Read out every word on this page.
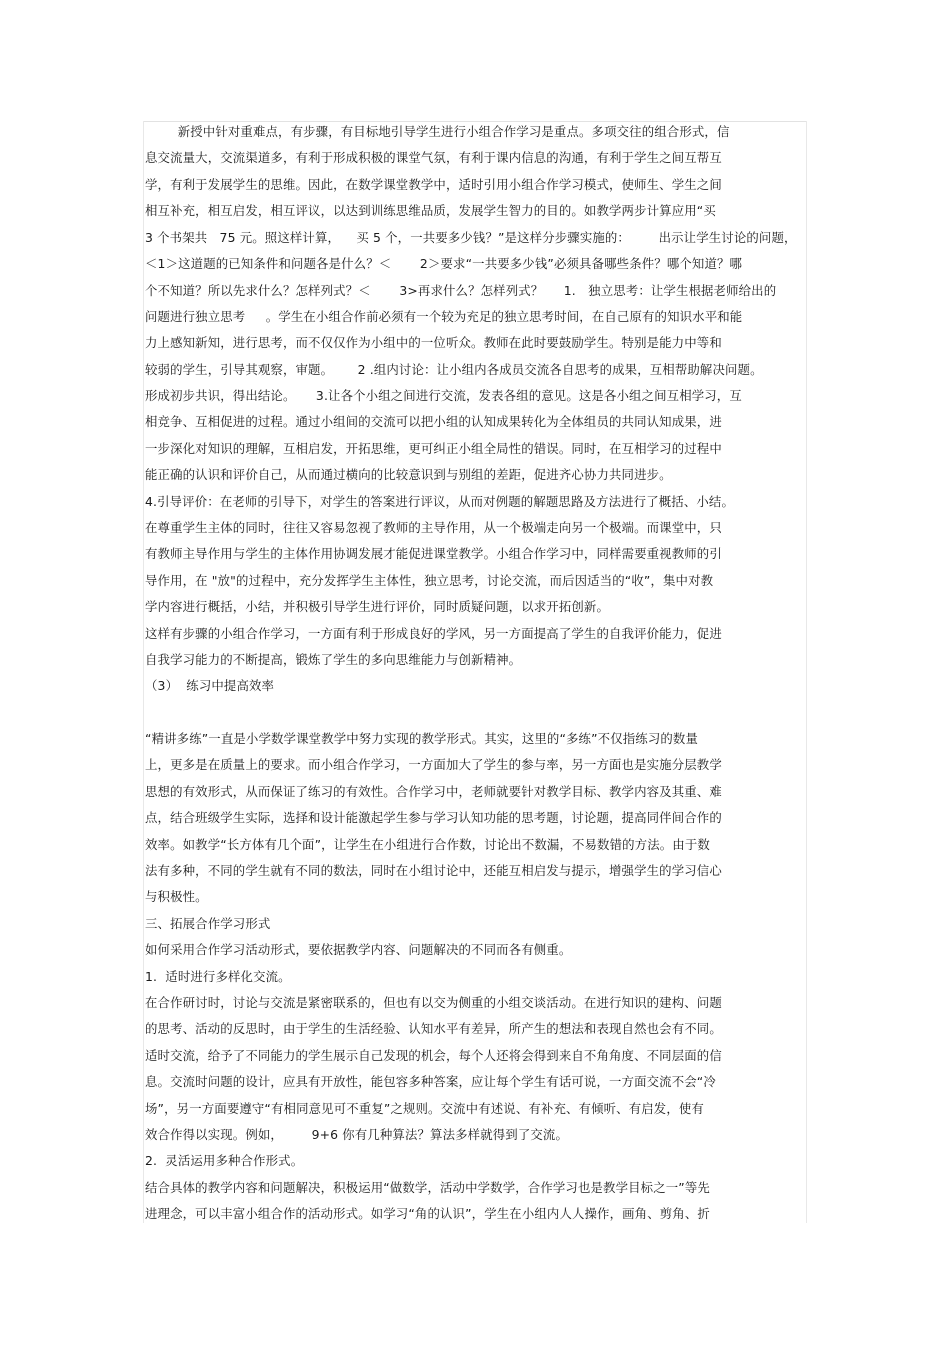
新授中针对重难点，有步骤，有目标地引导学生进行小组合作学习是重点。多项交往的组合形式，信
息交流量大，交流渠道多，有利于形成积极的课堂气氛，有利于课内信息的沟通，有利于学生之间互帮互
学，有利于发展学生的思维。因此，在数学课堂教学中，适时引用小组合作学习模式，使师生、学生之间
相互补充，相互启发，相互评议，以达到训练思维品质，发展学生智力的目的。如教学两步计算应用“买
3 个书架共   75 元。照这样计算，    买 5 个，一共要多少钱？”是这样分步骤实施的：       出示让学生讨论的问题，
＜1＞这道题的已知条件和问题各是什么？＜       2＞要求“一共要多少钱”必须具备哪些条件？哪个知道？哪
个不知道？所以先求什么？怎样列式？＜       3>再求什么？怎样列式？     1.   独立思考：让学生根据老师给出的
问题进行独立思考     。学生在小组合作前必须有一个较为充足的独立思考时间，在自己原有的知识水平和能
力上感知新知，进行思考，而不仅仅作为小组中的一位听众。教师在此时要鼓励学生。特别是能力中等和
较弱的学生，引导其观察，审题。      2 .组内讨论：让小组内各成员交流各自思考的成果，互相帮助解决问题。
形成初步共识，得出结论。     3.让各个小组之间进行交流，发表各组的意见。这是各小组之间互相学习，互
相竞争、互相促进的过程。通过小组间的交流可以把小组的认知成果转化为全体组员的共同认知成果，进
一步深化对知识的理解，互相启发，开拓思维，更可纠正小组全局性的错误。同时，在互相学习的过程中
能正确的认识和评价自己，从而通过横向的比较意识到与别组的差距，促进齐心协力共同进步。
4.引导评价：在老师的引导下，对学生的答案进行评议，从而对例题的解题思路及方法进行了概括、小结。
在尊重学生主体的同时，往往又容易忽视了教师的主导作用，从一个极端走向另一个极端。而课堂中，只
有教师主导作用与学生的主体作用协调发展才能促进课堂教学。小组合作学习中，同样需要重视教师的引
导作用，在 "放"的过程中，充分发挥学生主体性，独立思考，讨论交流，而后因适当的“收”，集中对教
学内容进行概括，小结，并积极引导学生进行评价，同时质疑问题，以求开拓创新。
这样有步骤的小组合作学习，一方面有利于形成良好的学风，另一方面提高了学生的自我评价能力，促进
自我学习能力的不断提高，锻炼了学生的多向思维能力与创新精神。
（3）  练习中提高效率
“精讲多练”一直是小学数学课堂教学中努力实现的教学形式。其实，这里的“多练”不仅指练习的数量
上，更多是在质量上的要求。而小组合作学习，一方面加大了学生的参与率，另一方面也是实施分层教学
思想的有效形式，从而保证了练习的有效性。合作学习中，老师就要针对教学目标、教学内容及其重、难
点，结合班级学生实际，选择和设计能激起学生参与学习认知功能的思考题，讨论题，提高同伴间合作的
效率。如教学“长方体有几个面”，让学生在小组进行合作数，讨论出不数漏，不易数错的方法。由于数
法有多种，不同的学生就有不同的数法，同时在小组讨论中，还能互相启发与提示，增强学生的学习信心
与积极性。
三、拓展合作学习形式
如何采用合作学习活动形式，要依据教学内容、问题解决的不同而各有侧重。
1.  适时进行多样化交流。
在合作研讨时，讨论与交流是紧密联系的，但也有以交为侧重的小组交谈活动。在进行知识的建构、问题
的思考、活动的反思时，由于学生的生活经验、认知水平有差异，所产生的想法和表现自然也会有不同。
适时交流，给予了不同能力的学生展示自己发现的机会，每个人还将会得到来自不角角度、不同层面的信
息。交流时问题的设计，应具有开放性，能包容多种答案，应让每个学生有话可说，一方面交流不会“冷
场”，另一方面要遵守“有相同意见可不重复”之规则。交流中有述说、有补充、有倾听、有启发，使有
效合作得以实现。例如，       9+6 你有几种算法？算法多样就得到了交流。
2.  灵活运用多种合作形式。
结合具体的教学内容和问题解决，积极运用“做数学，活动中学数学，合作学习也是教学目标之一”等先
进理念，可以丰富小组合作的活动形式。如学习“角的认识”，学生在小组内人人操作，画角、剪角、折
